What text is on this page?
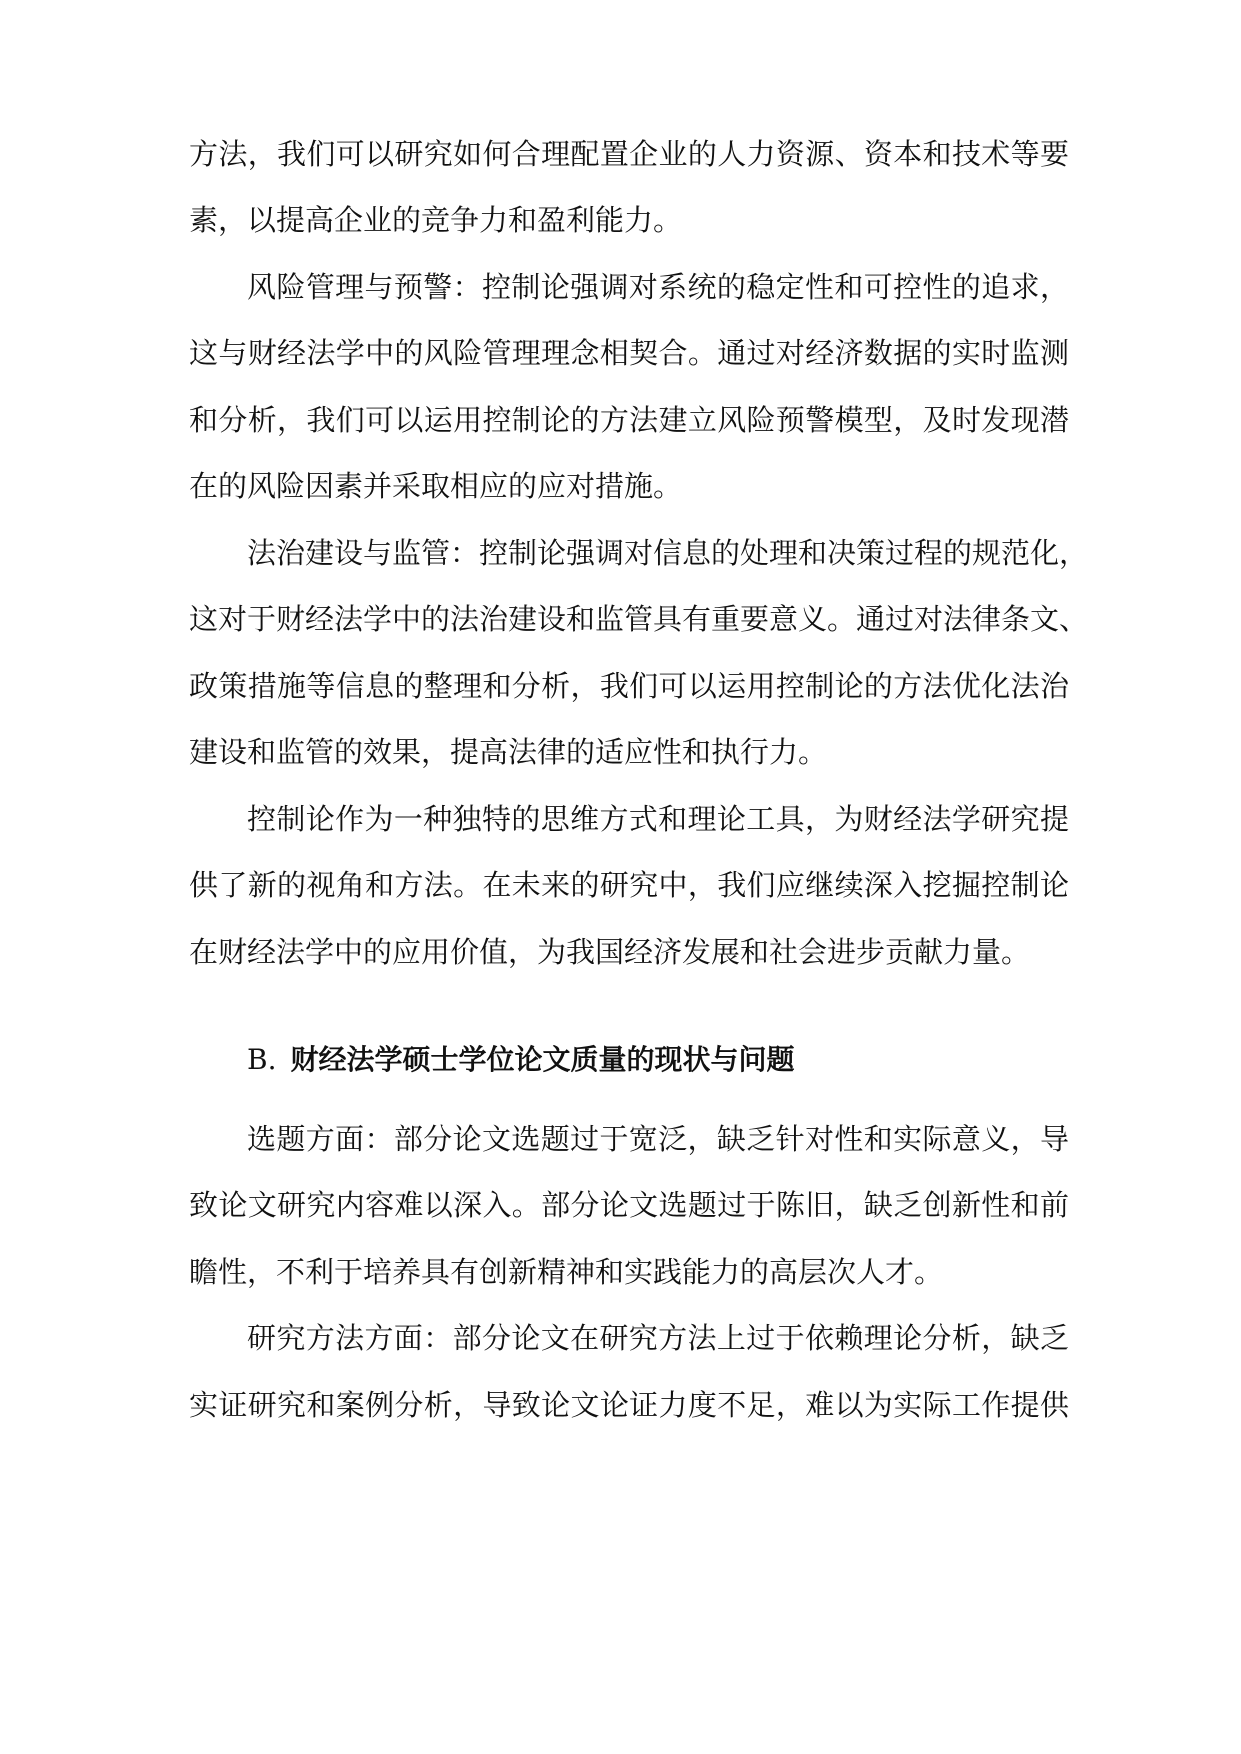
方法，我们可以研究如何合理配置企业的人力资源、资本和技术等要
素，以提高企业的竞争力和盈利能力。
风险管理与预警：控制论强调对系统的稳定性和可控性的追求，
这与财经法学中的风险管理理念相契合。通过对经济数据的实时监测
和分析，我们可以运用控制论的方法建立风险预警模型，及时发现潜
在的风险因素并采取相应的应对措施。
法治建设与监管：控制论强调对信息的处理和决策过程的规范化，
这对于财经法学中的法治建设和监管具有重要意义。通过对法律条文、
政策措施等信息的整理和分析，我们可以运用控制论的方法优化法治
建设和监管的效果，提高法律的适应性和执行力。
控制论作为一种独特的思维方式和理论工具，为财经法学研究提
供了新的视角和方法。在未来的研究中，我们应继续深入挖掘控制论
在财经法学中的应用价值，为我国经济发展和社会进步贡献力量。
B. 财经法学硕士学位论文质量的现状与问题
选题方面：部分论文选题过于宽泛，缺乏针对性和实际意义，导
致论文研究内容难以深入。部分论文选题过于陈旧，缺乏创新性和前
瞻性，不利于培养具有创新精神和实践能力的高层次人才。
研究方法方面：部分论文在研究方法上过于依赖理论分析，缺乏
实证研究和案例分析，导致论文论证力度不足，难以为实际工作提供
